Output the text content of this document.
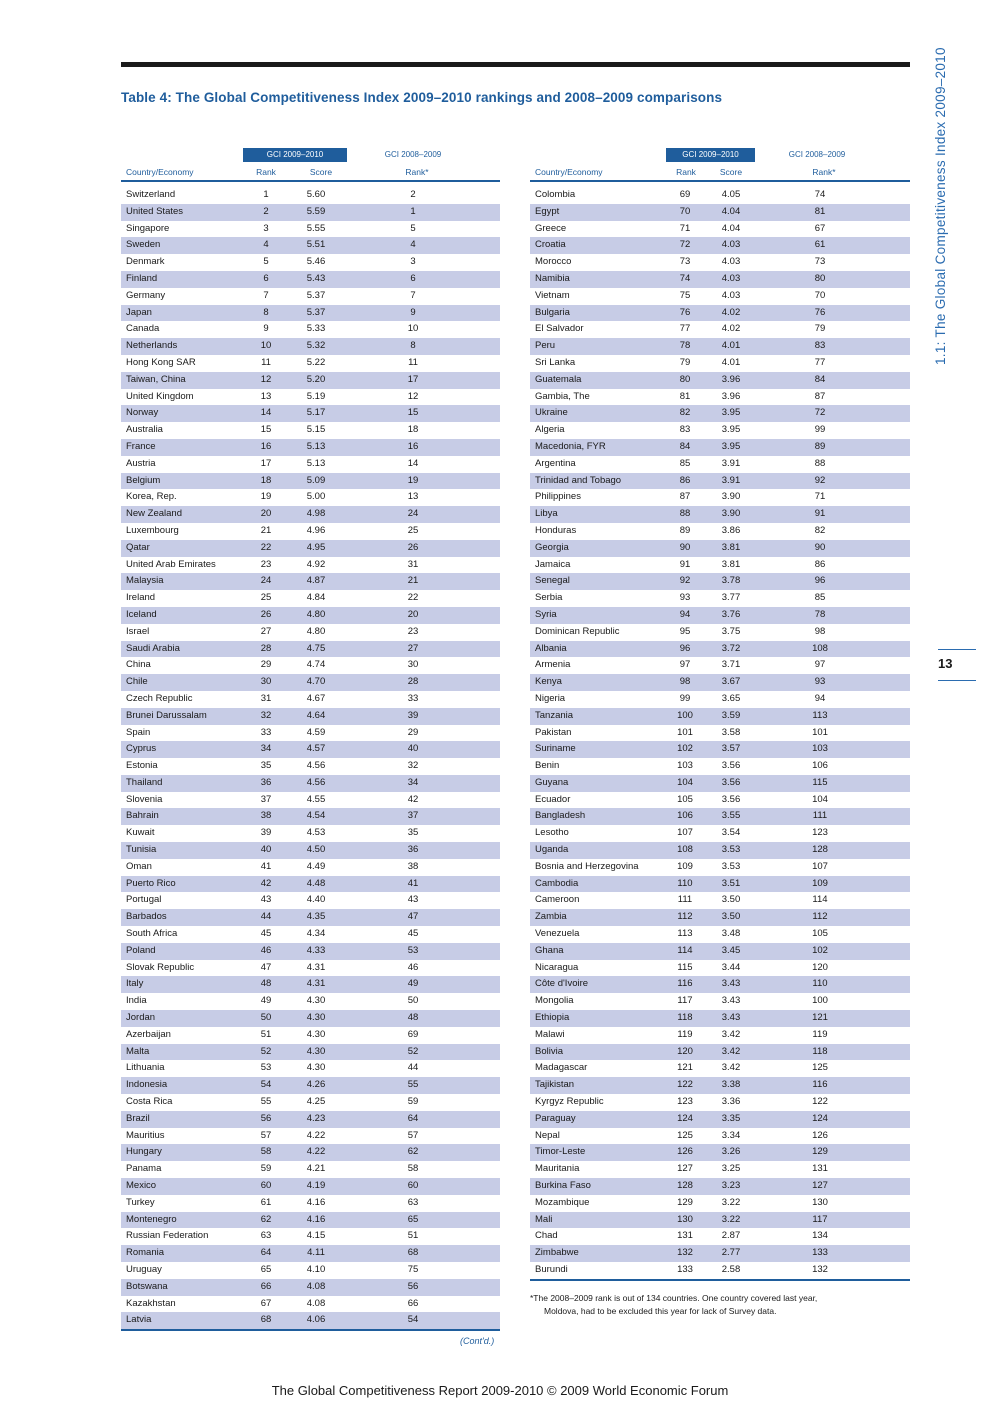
Table 4: The Global Competitiveness Index 2009–2010 rankings and 2008–2009 comparisons	1.1: The Global Competitiveness Index 2009–2010
13
GCI 2009–2010	GCI 2008–2009
Country/Economy	Rank	Score	Rank*
Switzerland	1	5.60	2
United States	2	5.59	1
Singapore	3	5.55	5
Sweden	4	5.51	4
Denmark	5	5.46	3
Finland	6	5.43	6
Germany	7	5.37	7
Japan	8	5.37	9
Canada	9	5.33	10
Netherlands	10	5.32	8
Hong Kong SAR	11	5.22	11
Taiwan, China	12	5.20	17
United Kingdom	13	5.19	12
Norway	14	5.17	15
Australia	15	5.15	18
France	16	5.13	16
Austria	17	5.13	14
Belgium	18	5.09	19
Korea, Rep.	19	5.00	13
New Zealand	20	4.98	24
Luxembourg	21	4.96	25
Qatar	22	4.95	26
United Arab Emirates	23	4.92	31
Malaysia	24	4.87	21
Ireland	25	4.84	22
Iceland	26	4.80	20
Israel	27	4.80	23
Saudi Arabia	28	4.75	27
China	29	4.74	30
Chile	30	4.70	28
Czech Republic	31	4.67	33
Brunei Darussalam	32	4.64	39
Spain	33	4.59	29
Cyprus	34	4.57	40
Estonia	35	4.56	32
Thailand	36	4.56	34
Slovenia	37	4.55	42
Bahrain	38	4.54	37
Kuwait	39	4.53	35
Tunisia	40	4.50	36
Oman	41	4.49	38
Puerto Rico	42	4.48	41
Portugal	43	4.40	43
Barbados	44	4.35	47
South Africa	45	4.34	45
Poland	46	4.33	53
Slovak Republic	47	4.31	46
Italy	48	4.31	49
India	49	4.30	50
Jordan	50	4.30	48
Azerbaijan	51	4.30	69
Malta	52	4.30	52
Lithuania	53	4.30	44
Indonesia	54	4.26	55
Costa Rica	55	4.25	59
Brazil	56	4.23	64
Mauritius	57	4.22	57
Hungary	58	4.22	62
Panama	59	4.21	58
Mexico	60	4.19	60
Turkey	61	4.16	63
Montenegro	62	4.16	65
Russian Federation	63	4.15	51
Romania	64	4.11	68
Uruguay	65	4.10	75
Botswana	66	4.08	56
Kazakhstan	67	4.08	66
Latvia	68	4.06	54
GCI 2009–2010	GCI 2008–2009
Country/Economy	Rank	Score	Rank*
Colombia	69	4.05	74
Egypt	70	4.04	81
Greece	71	4.04	67
Croatia	72	4.03	61
Morocco	73	4.03	73
Namibia	74	4.03	80
Vietnam	75	4.03	70
Bulgaria	76	4.02	76
El Salvador	77	4.02	79
Peru	78	4.01	83
Sri Lanka	79	4.01	77
Guatemala	80	3.96	84
Gambia, The	81	3.96	87
Ukraine	82	3.95	72
Algeria	83	3.95	99
Macedonia, FYR	84	3.95	89
Argentina	85	3.91	88
Trinidad and Tobago	86	3.91	92
Philippines	87	3.90	71
Libya	88	3.90	91
Honduras	89	3.86	82
Georgia	90	3.81	90
Jamaica	91	3.81	86
Senegal	92	3.78	96
Serbia	93	3.77	85
Syria	94	3.76	78
Dominican Republic	95	3.75	98
Albania	96	3.72	108
Armenia	97	3.71	97
Kenya	98	3.67	93
Nigeria	99	3.65	94
Tanzania	100	3.59	113
Pakistan	101	3.58	101
Suriname	102	3.57	103
Benin	103	3.56	106
Guyana	104	3.56	115
Ecuador	105	3.56	104
Bangladesh	106	3.55	111
Lesotho	107	3.54	123
Uganda	108	3.53	128
Bosnia and Herzegovina	109	3.53	107
Cambodia	110	3.51	109
Cameroon	111	3.50	114
Zambia	112	3.50	112
Venezuela	113	3.48	105
Ghana	114	3.45	102
Nicaragua	115	3.44	120
Côte d'Ivoire	116	3.43	110
Mongolia	117	3.43	100
Ethiopia	118	3.43	121
Malawi	119	3.42	119
Bolivia	120	3.42	118
Madagascar	121	3.42	125
Tajikistan	122	3.38	116
Kyrgyz Republic	123	3.36	122
Paraguay	124	3.35	124
Nepal	125	3.34	126
Timor-Leste	126	3.26	129
Mauritania	127	3.25	131
Burkina Faso	128	3.23	127
Mozambique	129	3.22	130
Mali	130	3.22	117
Chad	131	2.87	134
Zimbabwe	132	2.77	133
Burundi	133	2.58	132
(Cont'd.)
*The 2008–2009 rank is out of 134 countries. One country covered last year,
Moldova, had to be excluded this year for lack of Survey data.
The Global Competitiveness Report 2009-2010 © 2009 World Economic Forum
